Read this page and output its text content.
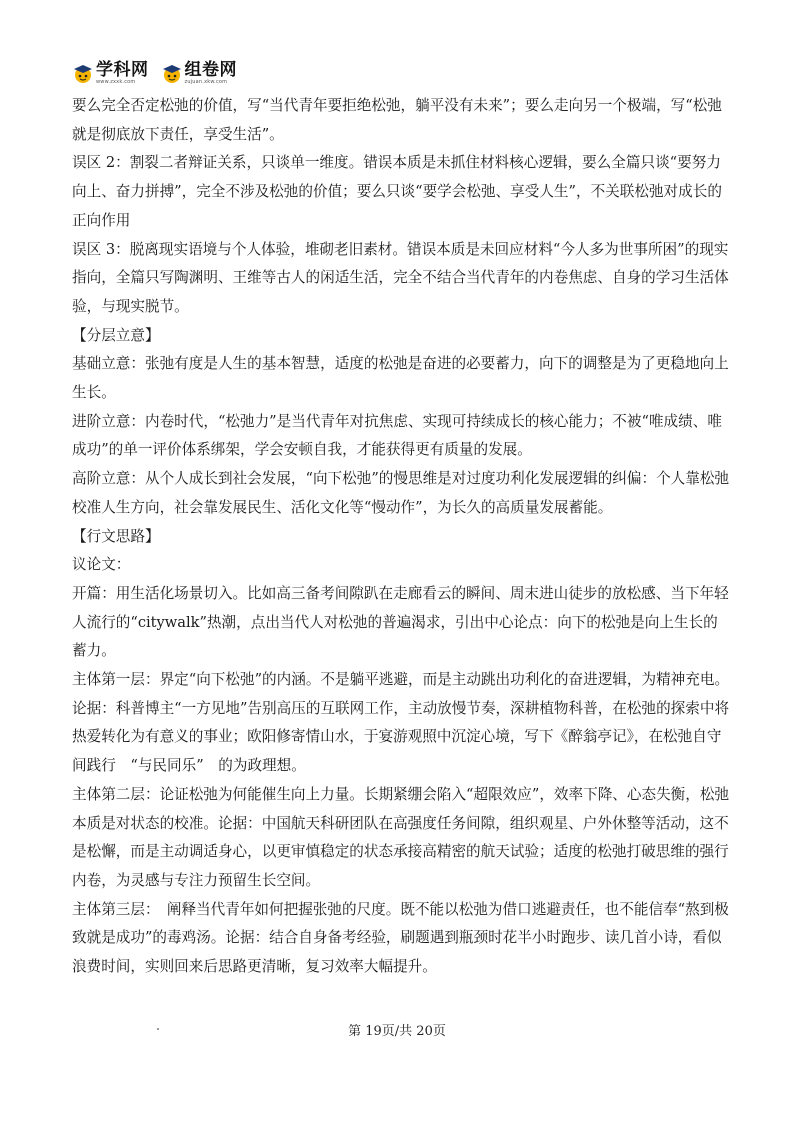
学科网
www.zxxk.com
组卷网
zujuan.xkw.com

要么完全否定松弛的价值，写“当代青年要拒绝松弛，躺平没有未来”；要么走向另一个极端，写“松弛就是彻底放下责任，享受生活”。

误区 2：割裂二者辩证关系，只谈单一维度。错误本质是未抓住材料核心逻辑，要么全篇只谈“要努力向上、奋力拼搏”，完全不涉及松弛的价值；要么只谈“要学会松弛、享受人生”，不关联松弛对成长的正向作用

误区 3：脱离现实语境与个人体验，堆砌老旧素材。错误本质是未回应材料“今人多为世事所困”的现实指向，全篇只写陶渊明、王维等古人的闲适生活，完全不结合当代青年的内卷焦虑、自身的学习生活体验，与现实脱节。

【分层立意】

基础立意：张弛有度是人生的基本智慧，适度的松弛是奋进的必要蓄力，向下的调整是为了更稳地向上生长。

进阶立意：内卷时代，“松弛力”是当代青年对抗焦虑、实现可持续成长的核心能力；不被“唯成绩、唯成功”的单一评价体系绑架，学会安顿自我，才能获得更有质量的发展。

高阶立意：从个人成长到社会发展，“向下松弛”的慢思维是对过度功利化发展逻辑的纠偏：个人靠松弛校准人生方向，社会靠发展民生、活化文化等“慢动作”，为长久的高质量发展蓄能。

【行文思路】

议论文：

开篇：用生活化场景切入。比如高三备考间隙趴在走廊看云的瞬间、周末进山徒步的放松感、当下年轻人流行的“citywalk”热潮，点出当代人对松弛的普遍渴求，引出中心论点：向下的松弛是向上生长的蓄力。

主体第一层：界定“向下松弛”的内涵。不是躺平逃避，而是主动跳出功利化的奋进逻辑，为精神充电。

论据：科普博主“一方见地”告别高压的互联网工作，主动放慢节奏，深耕植物科普，在松弛的探索中将热爱转化为有意义的事业；欧阳修寄情山水，于宴游观照中沉淀心境，写下《醉翁亭记》，在松弛自守间践行　“与民同乐”　的为政理想。

主体第二层：论证松弛为何能催生向上力量。长期紧绷会陷入“超限效应”，效率下降、心态失衡，松弛本质是对状态的校准。论据：中国航天科研团队在高强度任务间隙，组织观星、户外休整等活动，这不是松懈，而是主动调适身心，以更审慎稳定的状态承接高精密的航天试验；适度的松弛打破思维的强行内卷，为灵感与专注力预留生长空间。

主体第三层：　阐释当代青年如何把握张弛的尺度。既不能以松弛为借口逃避责任，也不能信奉“熬到极致就是成功”的毒鸡汤。论据：结合自身备考经验，刷题遇到瓶颈时花半小时跑步、读几首小诗，看似浪费时间，实则回来后思路更清晰，复习效率大幅提升。

第 19页/共 20页
